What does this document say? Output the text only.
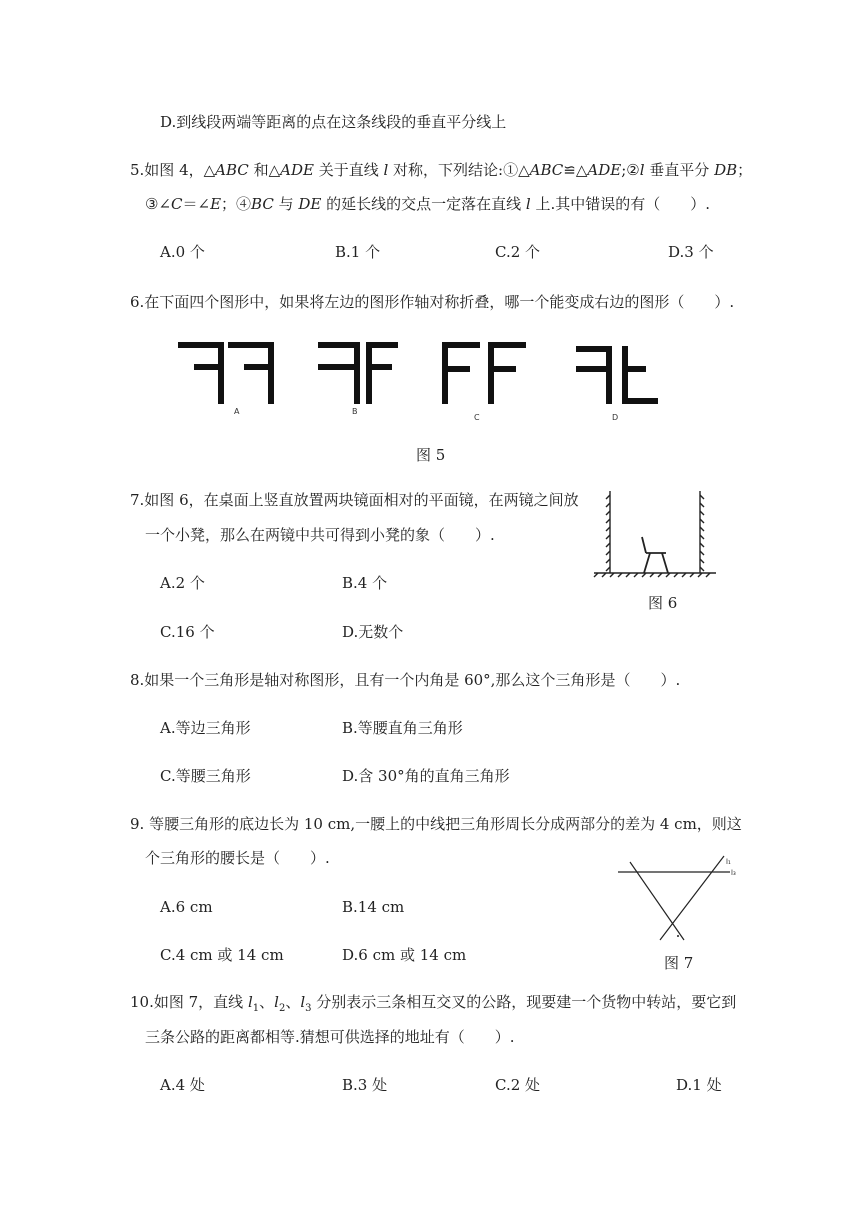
D.到线段两端等距离的点在这条线段的垂直平分线上
5.如图 4，△ABC 和△ADE 关于直线 l 对称，下列结论:①△ABC≌△ADE;②l 垂直平分 DB；
③∠C＝∠E；④BC 与 DE 的延长线的交点一定落在直线 l 上.其中错误的有（　　）.
A.0 个	B.1 个	C.2 个	D.3 个
6.在下面四个图形中，如果将左边的图形作轴对称折叠，哪一个能变成右边的图形（　　）.
A	B
C	D
图 5
7.如图 6，在桌面上竖直放置两块镜面相对的平面镜，在两镜之间放
一个小凳，那么在两镜中共可得到小凳的象（　　）.
A.2 个	B.4 个
C.16 个	D.无数个
图 6
8.如果一个三角形是轴对称图形，且有一个内角是 60°,那么这个三角形是（　　）.
A.等边三角形	B.等腰直角三角形
C.等腰三角形	D.含 30°角的直角三角形
9. 等腰三角形的底边长为 10 cm,一腰上的中线把三角形周长分成两部分的差为 4 cm，则这
个三角形的腰长是（　　）.
A.6 cm	B.14 cm
C.4 cm 或 14 cm	D.6 cm 或 14 cm
l₁
l₃
图 7
10.如图 7，直线 $l_1$、$l_2$、$l_3$ 分别表示三条相互交叉的公路，现要建一个货物中转站，要它到
三条公路的距离都相等.猜想可供选择的地址有（　　）.
A.4 处	B.3 处	C.2 处	D.1 处
